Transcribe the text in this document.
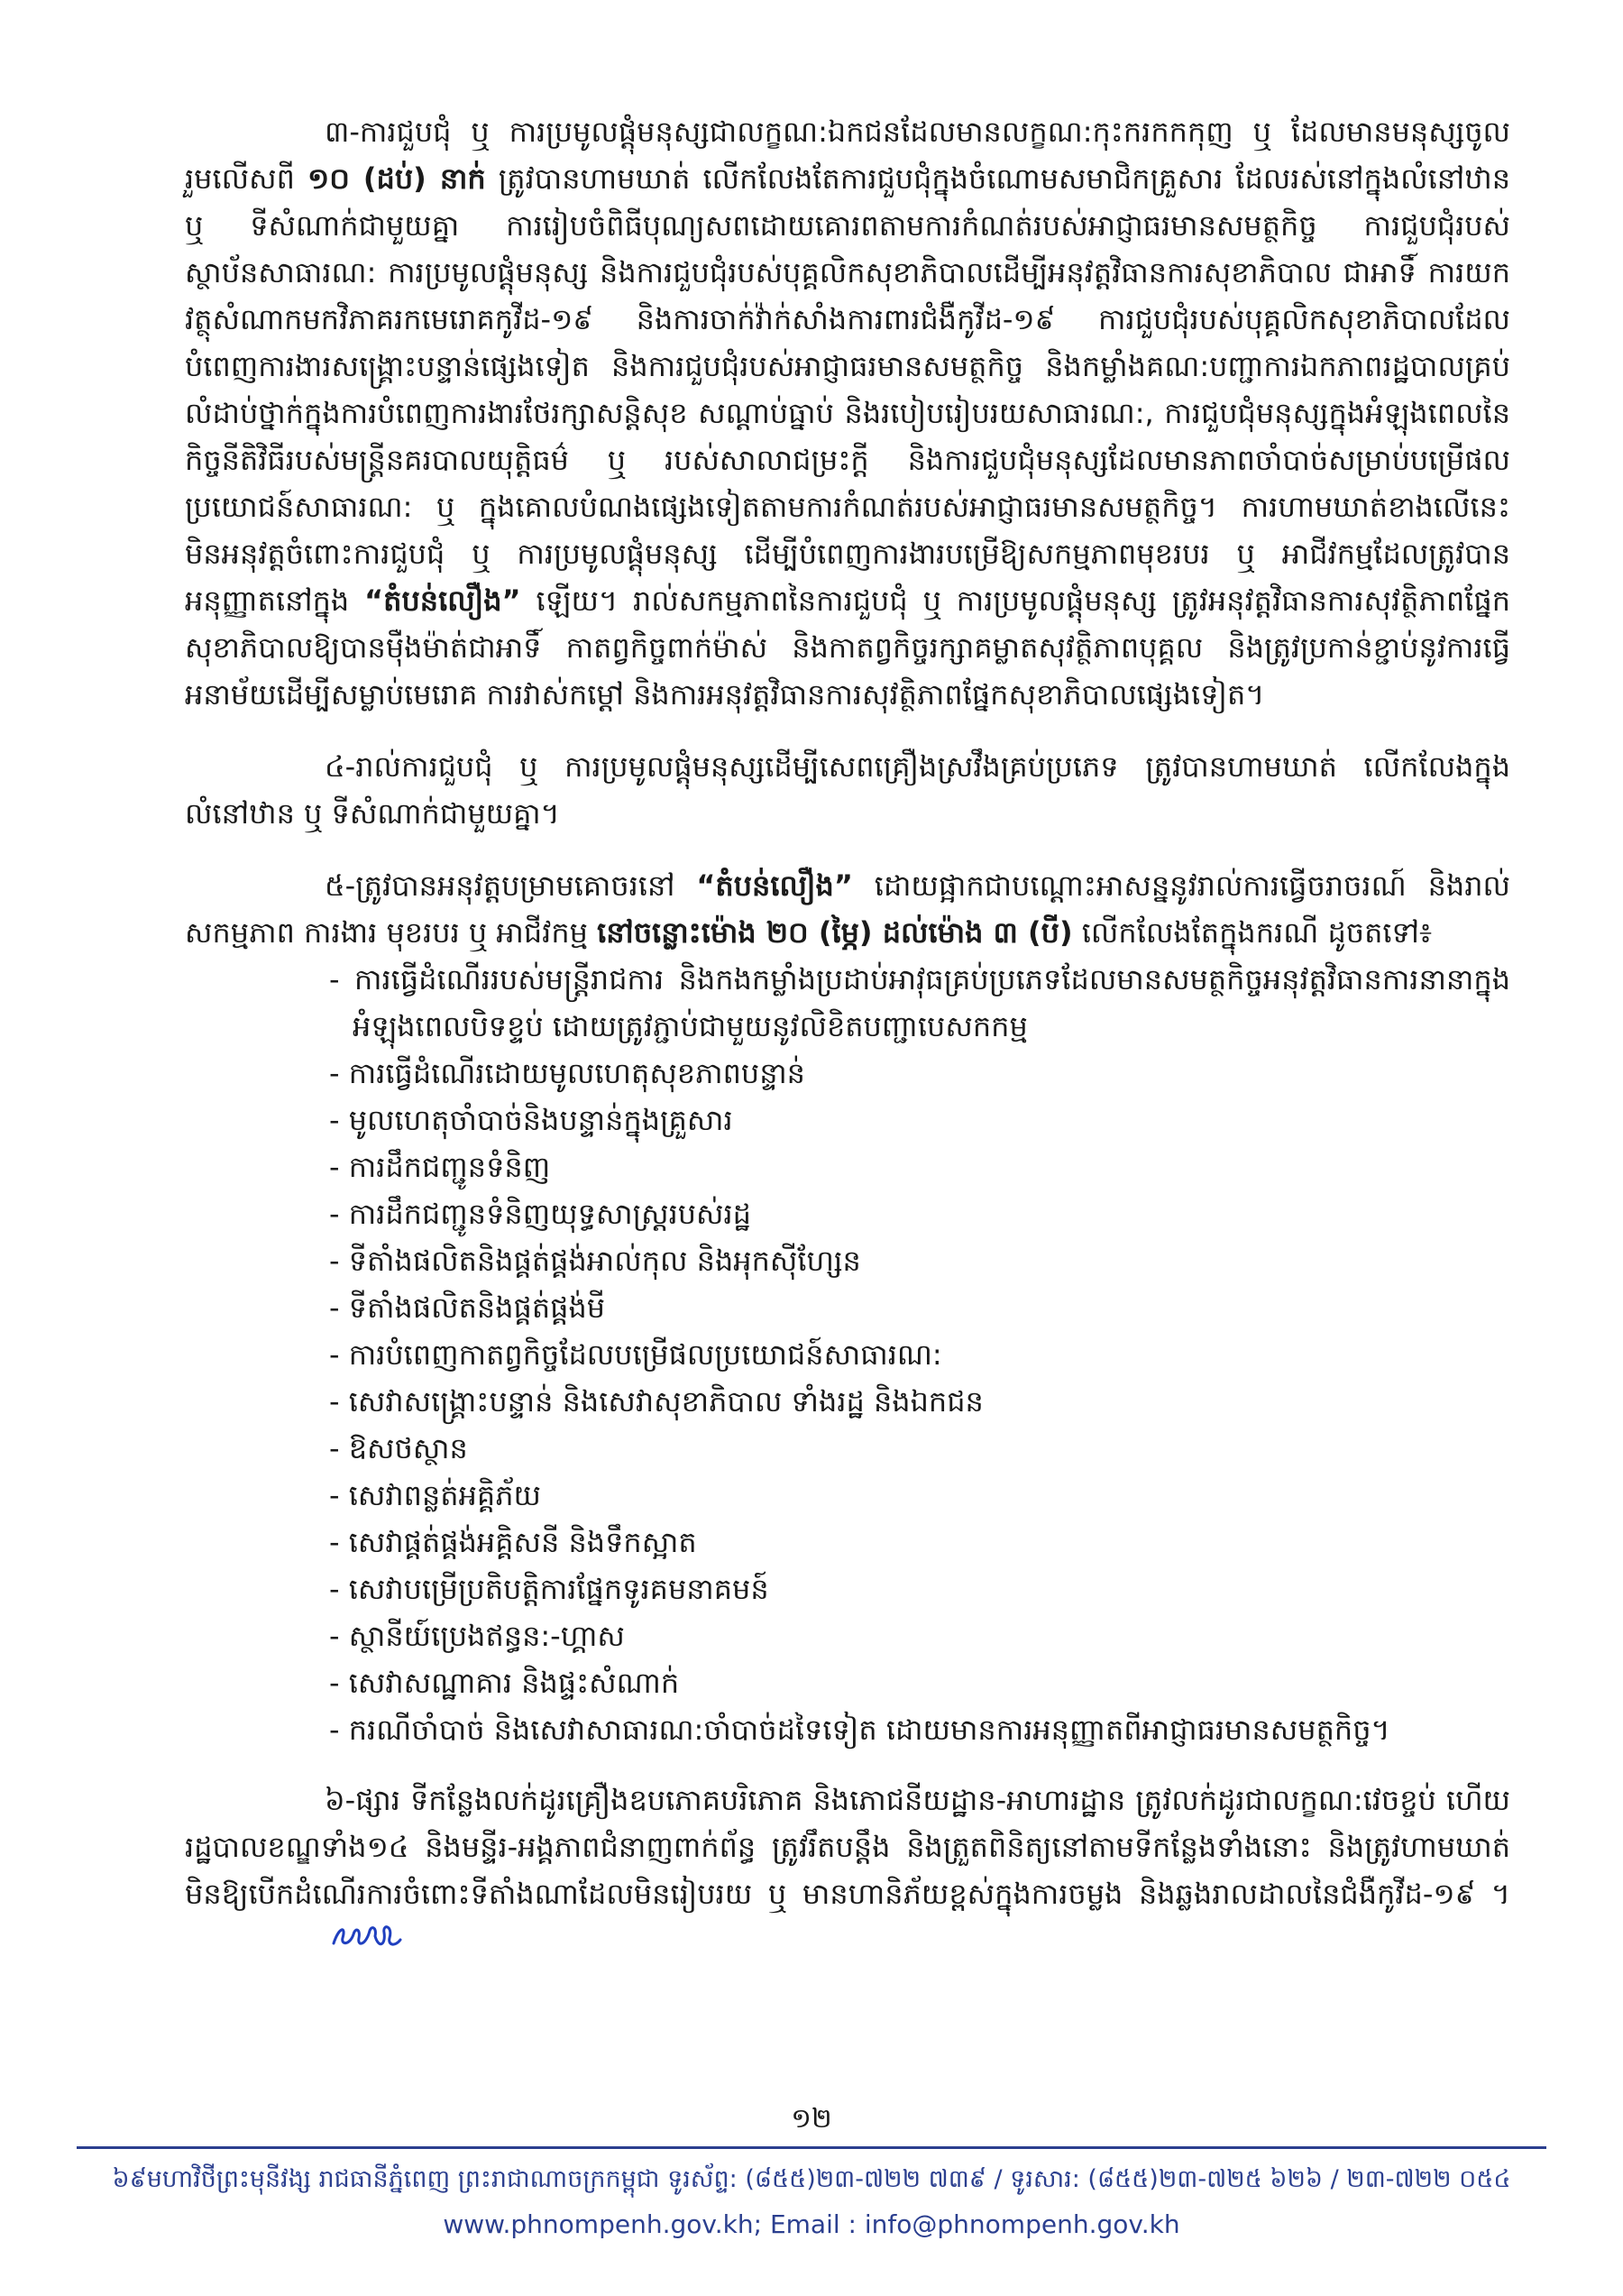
៣-ការជួបជុំ ឬ ការប្រមូលផ្តុំមនុស្សជាលក្ខណ:ឯកជនដែលមានលក្ខណ:កុះករកកកុញ ឬ ដែលមានមនុស្សចូលរួមលើសពី ១០ (ដប់) នាក់ ត្រូវបានហាមឃាត់ លើកលែងតែការជួបជុំក្នុងចំណោមសមាជិកគ្រួសារ ដែលរស់នៅក្នុងលំនៅឋាន ឬ ទីសំណាក់ជាមួយគ្នា ការរៀបចំពិធីបុណ្យសពដោយគោរពតាមការកំណត់របស់អាជ្ញាធរមានសមត្ថកិច្ច ការជួបជុំរបស់ស្ថាប័នសាធារណ: ការប្រមូលផ្តុំមនុស្ស និងការជួបជុំរបស់បុគ្គលិកសុខាភិបាលដើម្បីអនុវត្តវិធានការសុខាភិបាល ជាអាទិ៍ ការយកវត្ថុសំណាកមកវិភាគរកមេរោគកូវីដ-១៩ និងការចាក់វ៉ាក់សាំងការពារជំងឺកូវីដ-១៩ ការជួបជុំរបស់បុគ្គលិកសុខាភិបាលដែលបំពេញការងារសង្គ្រោះបន្ទាន់ផ្សេងទៀត និងការជួបជុំរបស់អាជ្ញាធរមានសមត្ថកិច្ច និងកម្លាំងគណ:បញ្ជាការឯកភាពរដ្ឋបាលគ្រប់លំដាប់ថ្នាក់ក្នុងការបំពេញការងារថែរក្សាសន្តិសុខ សណ្តាប់ធ្នាប់ និងរបៀបរៀបរយសាធារណ:, ការជួបជុំមនុស្សក្នុងអំឡុងពេលនៃកិច្ចនីតិវិធីរបស់មន្ត្រីនគរបាលយុត្តិធម៌ ឬ របស់សាលាជម្រះក្តី និងការជួបជុំមនុស្សដែលមានភាពចាំបាច់សម្រាប់បម្រើផលប្រយោជន៍សាធារណ: ឬ ក្នុងគោលបំណងផ្សេងទៀតតាមការកំណត់របស់អាជ្ញាធរមានសមត្ថកិច្ច។ ការហាមឃាត់ខាងលើនេះ មិនអនុវត្តចំពោះការជួបជុំ ឬ ការប្រមូលផ្តុំមនុស្ស ដើម្បីបំពេញការងារបម្រើឱ្យសកម្មភាពមុខរបរ ឬ អាជីវកម្មដែលត្រូវបានអនុញ្ញាតនៅក្នុង “តំបន់លឿង” ឡើយ។ រាល់សកម្មភាពនៃការជួបជុំ ឬ ការប្រមូលផ្តុំមនុស្ស ត្រូវអនុវត្តវិធានការសុវត្ថិភាពផ្នែកសុខាភិបាលឱ្យបានម៉ឺងម៉ាត់ជាអាទិ៍ កាតព្វកិច្ចពាក់ម៉ាស់ និងកាតព្វកិច្ចរក្សាគម្លាតសុវត្ថិភាពបុគ្គល និងត្រូវប្រកាន់ខ្ជាប់នូវការធ្វើអនាម័យដើម្បីសម្លាប់មេរោគ ការវាស់កម្តៅ និងការអនុវត្តវិធានការសុវត្ថិភាពផ្នែកសុខាភិបាលផ្សេងទៀត។

៤-រាល់ការជួបជុំ ឬ ការប្រមូលផ្តុំមនុស្សដើម្បីសេពគ្រឿងស្រវឹងគ្រប់ប្រភេទ ត្រូវបានហាមឃាត់ លើកលែងក្នុងលំនៅឋាន ឬ ទីសំណាក់ជាមួយគ្នា។

៥-ត្រូវបានអនុវត្តបម្រាមគោចរនៅ “តំបន់លឿង” ដោយផ្អាកជាបណ្តោះអាសន្ននូវរាល់ការធ្វើចរាចរណ៍ និងរាល់សកម្មភាព ការងារ មុខរបរ ឬ អាជីវកម្ម នៅចន្លោះម៉ោង ២០ (ម្ភៃ) ដល់ម៉ោង ៣ (បី) លើកលែងតែក្នុងករណី ដូចតទៅ៖

- ការធ្វើដំណើររបស់មន្ត្រីរាជការ និងកងកម្លាំងប្រដាប់អាវុធគ្រប់ប្រភេទដែលមានសមត្ថកិច្ចអនុវត្តវិធានការនានាក្នុងអំឡុងពេលបិទខ្ទប់ ដោយត្រូវភ្ជាប់ជាមួយនូវលិខិតបញ្ជាបេសកកម្ម
- ការធ្វើដំណើរដោយមូលហេតុសុខភាពបន្ទាន់
- មូលហេតុចាំបាច់និងបន្ទាន់ក្នុងគ្រួសារ
- ការដឹកជញ្ជូនទំនិញ
- ការដឹកជញ្ជូនទំនិញយុទ្ធសាស្ត្ររបស់រដ្ឋ
- ទីតាំងផលិតនិងផ្គត់ផ្គង់អាល់កុល និងអុកស៊ីហ្សែន
- ទីតាំងផលិតនិងផ្គត់ផ្គង់មី
- ការបំពេញកាតព្វកិច្ចដែលបម្រើផលប្រយោជន៍សាធារណ:
- សេវាសង្គ្រោះបន្ទាន់ និងសេវាសុខាភិបាល ទាំងរដ្ឋ និងឯកជន
- ឱសថស្ថាន
- សេវាពន្លត់អគ្គិភ័យ
- សេវាផ្គត់ផ្គង់អគ្គិសនី និងទឹកស្អាត
- សេវាបម្រើប្រតិបត្តិការផ្នែកទូរគមនាគមន៍
- ស្ថានីយ៍ប្រេងឥន្ធន:-ហ្គាស
- សេវាសណ្ឋាគារ និងផ្ទះសំណាក់
- ករណីចាំបាច់ និងសេវាសាធារណ:ចាំបាច់ដទៃទៀត ដោយមានការអនុញ្ញាតពីអាជ្ញាធរមានសមត្ថកិច្ច។

៦-ផ្សារ ទីកន្លែងលក់ដូរគ្រឿងឧបភោគបរិភោគ និងភោជនីយដ្ឋាន-អាហារដ្ឋាន ត្រូវលក់ដូរជាលក្ខណ:វេចខ្ចប់ ហើយរដ្ឋបាលខណ្ឌទាំង១៤ និងមន្ទីរ-អង្គភាពជំនាញពាក់ព័ន្ធ ត្រូវរឹតបន្តឹង និងត្រួតពិនិត្យនៅតាមទីកន្លែងទាំងនោះ និងត្រូវហាមឃាត់មិនឱ្យបើកដំណើរការចំពោះទីតាំងណាដែលមិនរៀបរយ ឬ មានហានិភ័យខ្ពស់ក្នុងការចម្លង និងឆ្លងរាលដាលនៃជំងឺកូវីដ-១៩ ។

១២
៦៩មហាវិថីព្រះមុនីវង្ស រាជធានីភ្នំពេញ ព្រះរាជាណាចក្រកម្ពុជា ទូរស័ព្ទ: (៨៥៥)២៣-៧២២ ៧៣៩ / ទូរសារ: (៨៥៥)២៣-៧២៥ ៦២៦ / ២៣-៧២២ ០៥៤
www.phnompenh.gov.kh; Email : info@phnompenh.gov.kh
